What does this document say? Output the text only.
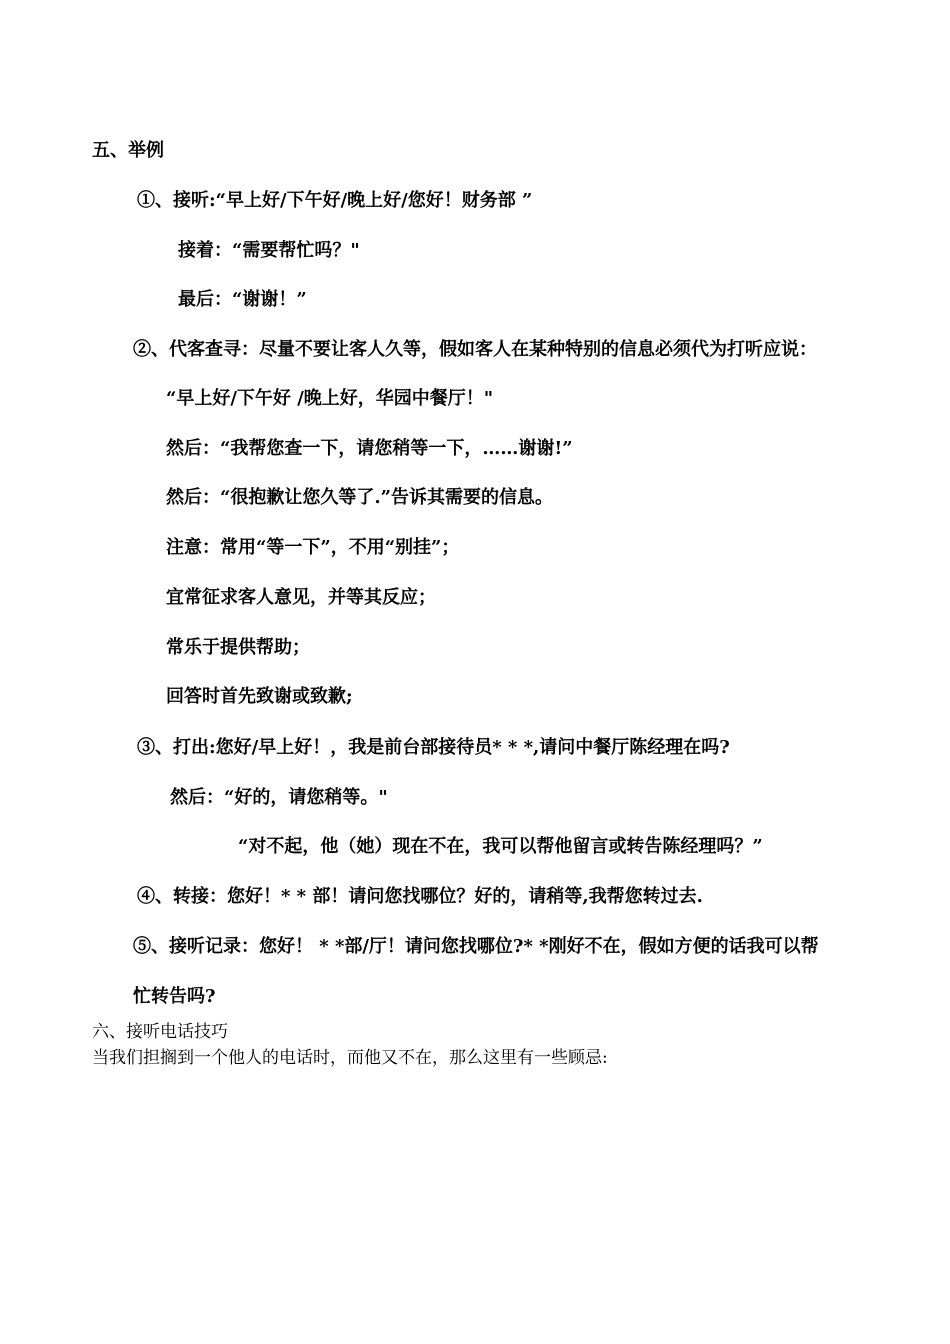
五、举例
①、接听:“早上好/下午好/晚上好/您好！财务部 ”
接着：“需要帮忙吗？"
最后：“谢谢！”
②、代客查寻：尽量不要让客人久等，假如客人在某种特别的信息必须代为打听应说：
“早上好/下午好 /晚上好，华园中餐厅！"
然后：“我帮您查一下，请您稍等一下，……谢谢!”
然后：“很抱歉让您久等了.”告诉其需要的信息。
注意：常用“等一下”，不用“别挂”；
宜常征求客人意见，并等其反应；
常乐于提供帮助；
回答时首先致谢或致歉;
③、打出:您好/早上好！，我是前台部接待员* * *,请问中餐厅陈经理在吗?
然后：“好的，请您稍等。"
“对不起，他（她）现在不在，我可以帮他留言或转告陈经理吗？”
④、转接：您好！* * 部！请问您找哪位？好的，请稍等,我帮您转过去.
⑤、接听记录：您好！ * *部/厅！请问您找哪位?* *刚好不在，假如方便的话我可以帮
忙转告吗?
六、接听电话技巧
当我们担搁到一个他人的电话时，而他又不在，那么这里有一些顾忌:
